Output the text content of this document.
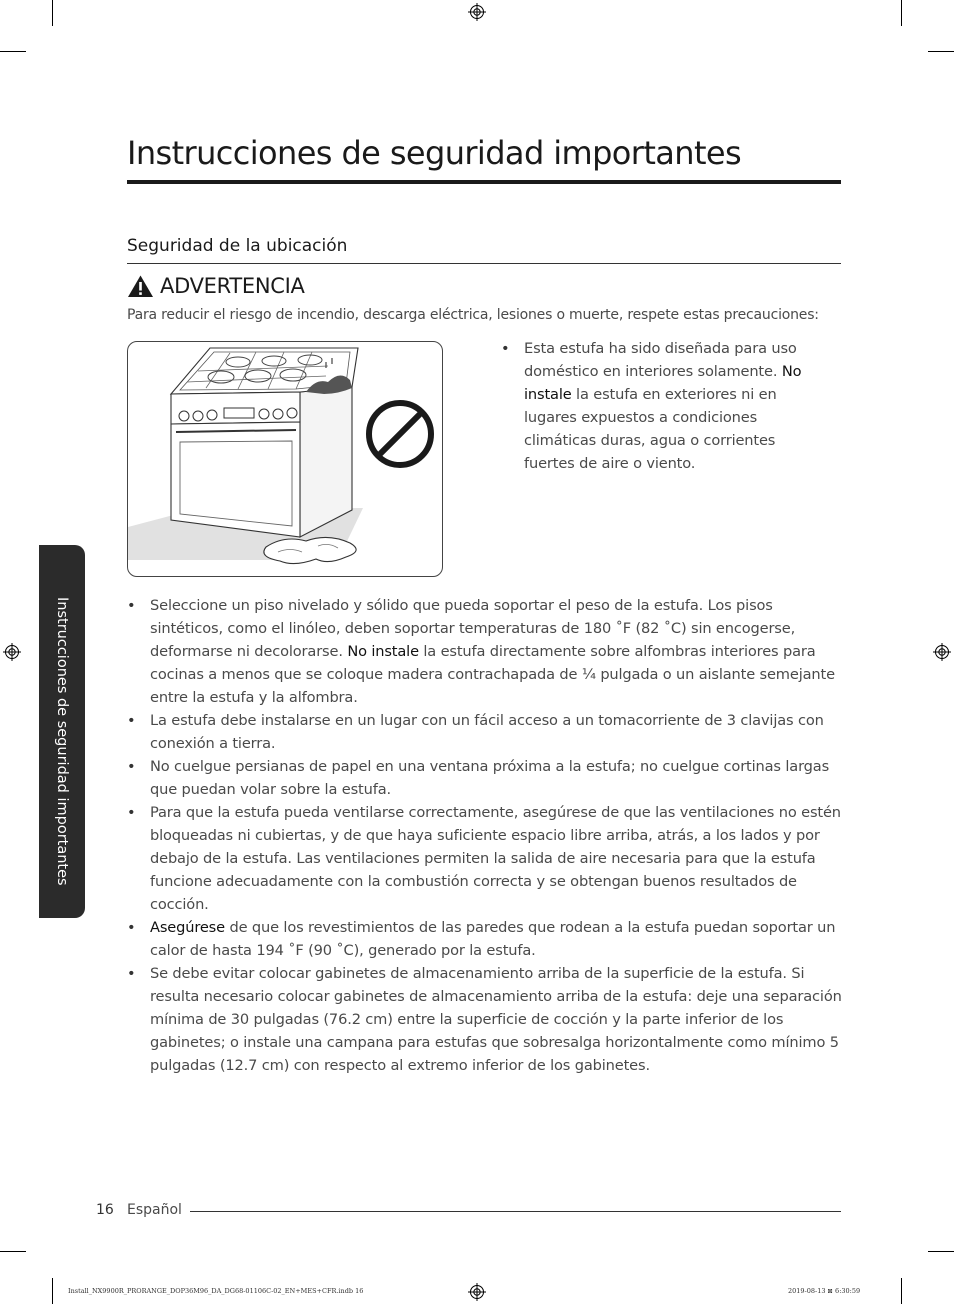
Instrucciones de seguridad importantes
Seguridad de la ubicación
ADVERTENCIA
Para reducir el riesgo de incendio, descarga eléctrica, lesiones o muerte, respete estas precauciones:
• Esta estufa ha sido diseñada para uso doméstico en interiores solamente. No instale la estufa en exteriores ni en lugares expuestos a condiciones climáticas duras, agua o corrientes fuertes de aire o viento.
• Seleccione un piso nivelado y sólido que pueda soportar el peso de la estufa. Los pisos sintéticos, como el linóleo, deben soportar temperaturas de 180 ˚F (82 ˚C) sin encogerse, deformarse ni decolorarse. No instale la estufa directamente sobre alfombras interiores para cocinas a menos que se coloque madera contrachapada de ¼ pulgada o un aislante semejante entre la estufa y la alfombra.
• La estufa debe instalarse en un lugar con un fácil acceso a un tomacorriente de 3 clavijas con conexión a tierra.
• No cuelgue persianas de papel en una ventana próxima a la estufa; no cuelgue cortinas largas que puedan volar sobre la estufa.
• Para que la estufa pueda ventilarse correctamente, asegúrese de que las ventilaciones no estén bloqueadas ni cubiertas, y de que haya suficiente espacio libre arriba, atrás, a los lados y por debajo de la estufa. Las ventilaciones permiten la salida de aire necesaria para que la estufa funcione adecuadamente con la combustión correcta y se obtengan buenos resultados de cocción.
• Asegúrese de que los revestimientos de las paredes que rodean a la estufa puedan soportar un calor de hasta 194 ˚F (90 ˚C), generado por la estufa.
• Se debe evitar colocar gabinetes de almacenamiento arriba de la superficie de la estufa. Si resulta necesario colocar gabinetes de almacenamiento arriba de la estufa: deje una separación mínima de 30 pulgadas (76.2 cm) entre la superficie de cocción y la parte inferior de los gabinetes; o instale una campana para estufas que sobresalga horizontalmente como mínimo 5 pulgadas (12.7 cm) con respecto al extremo inferior de los gabinetes.
Instrucciones de seguridad importantes
16 Español
Install_NX9900R_PRORANGE_DOP36M96_DA_DG68-01106C-02_EN+MES+CFR.indb 16	2019-08-13 ⊠ 6:30:59
